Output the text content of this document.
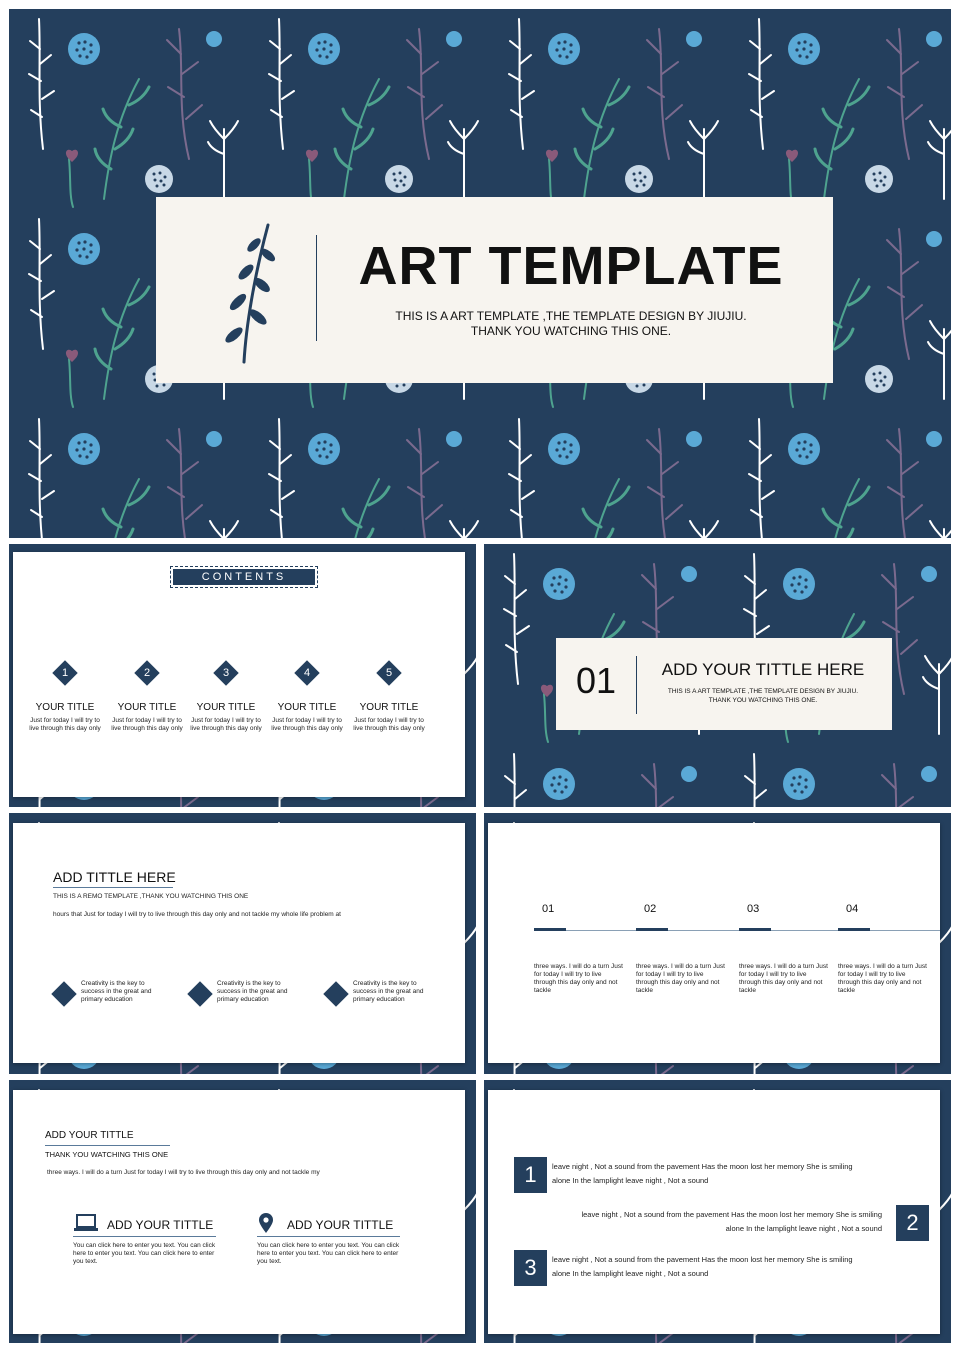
ART TEMPLATE
THIS IS A ART TEMPLATE ,THE TEMPLATE DESIGN BY JIUJIU.
THANK YOU WATCHING THIS ONE.
CONTENTS
1
YOUR TITLE
Just for today I will try to live through this day only
2
YOUR TITLE
Just for today I will try to live through this day only
3
YOUR TITLE
Just for today I will try to live through this day only
4
YOUR TITLE
Just for today I will try to live through this day only
5
YOUR TITLE
Just for today I will try to live through this day only
01	ADD YOUR TITTLE HERE
THIS IS A ART TEMPLATE ,THE TEMPLATE DESIGN BY JIUJIU.
THANK YOU WATCHING THIS ONE.
ADD TITTLE HERE
THIS IS A REMO TEMPLATE ,THANK YOU WATCHING THIS ONE
hours that Just for today I will try to live through this day only and not tackle my whole life problem at
Creativity is the key to success in the great and primary education
Creativity is the key to success in the great and primary education
Creativity is the key to success in the great and primary education
01
three ways. I will do a turn Just for today I will try to live through this day only and not tackle
02
three ways. I will do a turn Just for today I will try to live through this day only and not tackle
03
three ways. I will do a turn Just for today I will try to live through this day only and not tackle
04
three ways. I will do a turn Just for today I will try to live through this day only and not tackle
ADD YOUR TITTLE
THANK YOU WATCHING THIS ONE
three ways. I will do a turn Just for today I will try to live through this day only and not tackle my
ADD YOUR TITTLE
You can click here to enter you text. You can click here to enter you text. You can click here to enter you text.
ADD YOUR TITTLE
You can click here to enter you text. You can click here to enter you text. You can click here to enter you text.
1	leave night , Not a sound from the pavement Has the moon lost her memory She is smiling
alone In the lamplight leave night , Not a sound
2
leave night , Not a sound from the pavement Has the moon lost her memory She is smiling
alone In the lamplight leave night , Not a sound
3	leave night , Not a sound from the pavement Has the moon lost her memory She is smiling
alone In the lamplight leave night , Not a sound
